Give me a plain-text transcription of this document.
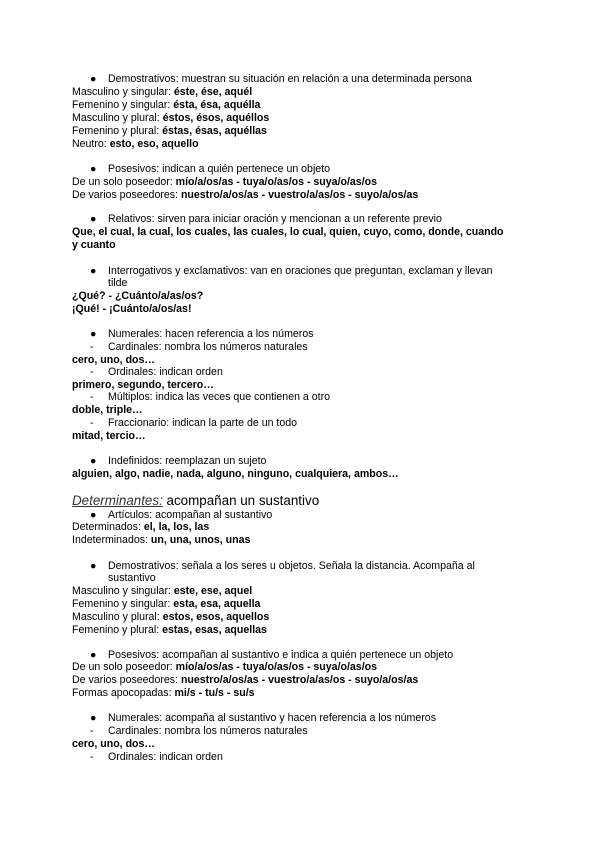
● Demostrativos: muestran su situación en relación a una determinada persona
Masculino y singular: éste, ése, aquél
Femenino y singular: ésta, ésa, aquélla
Masculino y plural: éstos, ésos, aquéllos
Femenino y plural: éstas, ésas, aquéllas
Neutro: esto, eso, aquello
● Posesivos: indican a quién pertenece un objeto
De un solo poseedor: mío/a/os/as - tuya/o/as/os - suya/o/as/os
De varios poseedores: nuestro/a/os/as - vuestro/a/as/os - suyo/a/os/as
● Relativos: sirven para iniciar oración y mencionan a un referente previo
Que, el cual, la cual, los cuales, las cuales, lo cual, quien, cuyo, como, donde, cuando
y cuanto
● Interrogativos y exclamativos: van en oraciones que preguntan, exclaman y llevan
tilde
¿Qué? - ¿Cuánto/a/as/os?
¡Qué! - ¡Cuánto/a/os/as!
● Numerales: hacen referencia a los números
- Cardinales: nombra los números naturales
cero, uno, dos…
- Ordinales: indican orden
primero, segundo, tercero…
- Múltiplos: indica las veces que contienen a otro
doble, triple…
- Fraccionario: indican la parte de un todo
mitad, tercio…
● Indefinidos: reemplazan un sujeto
alguien, algo, nadie, nada, alguno, ninguno, cualquiera, ambos…
Determinantes: acompañan un sustantivo
● Artículos: acompañan al sustantivo
Determinados: el, la, los, las
Indeterminados: un, una, unos, unas
● Demostrativos: señala a los seres u objetos. Señala la distancia. Acompaña al
sustantivo
Masculino y singular: este, ese, aquel
Femenino y singular: esta, esa, aquella
Masculino y plural: estos, esos, aquellos
Femenino y plural: estas, esas, aquellas
● Posesivos: acompañan al sustantivo e indica a quién pertenece un objeto
De un solo poseedor: mío/a/os/as - tuya/o/as/os - suya/o/as/os
De varios poseedores: nuestro/a/os/as - vuestro/a/as/os - suyo/a/os/as
Formas apocopadas: mi/s - tu/s - su/s
● Numerales: acompaña al sustantivo y hacen referencia a los números
- Cardinales: nombra los números naturales
cero, uno, dos…
- Ordinales: indican orden
